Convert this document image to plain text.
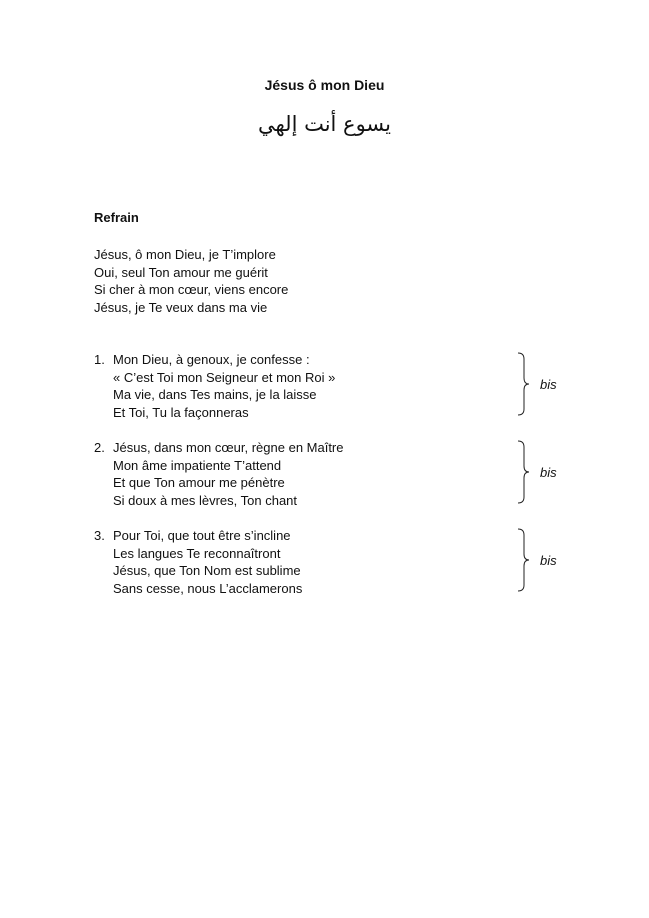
Jésus ô mon Dieu
يسوع أنت إلهي
Refrain
Jésus, ô mon Dieu, je T’implore
Oui, seul Ton amour me guérit
Si cher à mon cœur, viens encore
Jésus, je Te veux dans ma vie
1. Mon Dieu, à genoux, je confesse :
« C’est Toi mon Seigneur et mon Roi »
Ma vie, dans Tes mains, je la laisse
Et Toi, Tu la façonneras
bis
2. Jésus, dans mon cœur, règne en Maître
Mon âme impatiente T’attend
Et que Ton amour me pénètre
Si doux à mes lèvres, Ton chant
bis
3. Pour Toi, que tout être s’incline
Les langues Te reconnaîtront
Jésus, que Ton Nom est sublime
Sans cesse, nous L’acclamerons
bis
